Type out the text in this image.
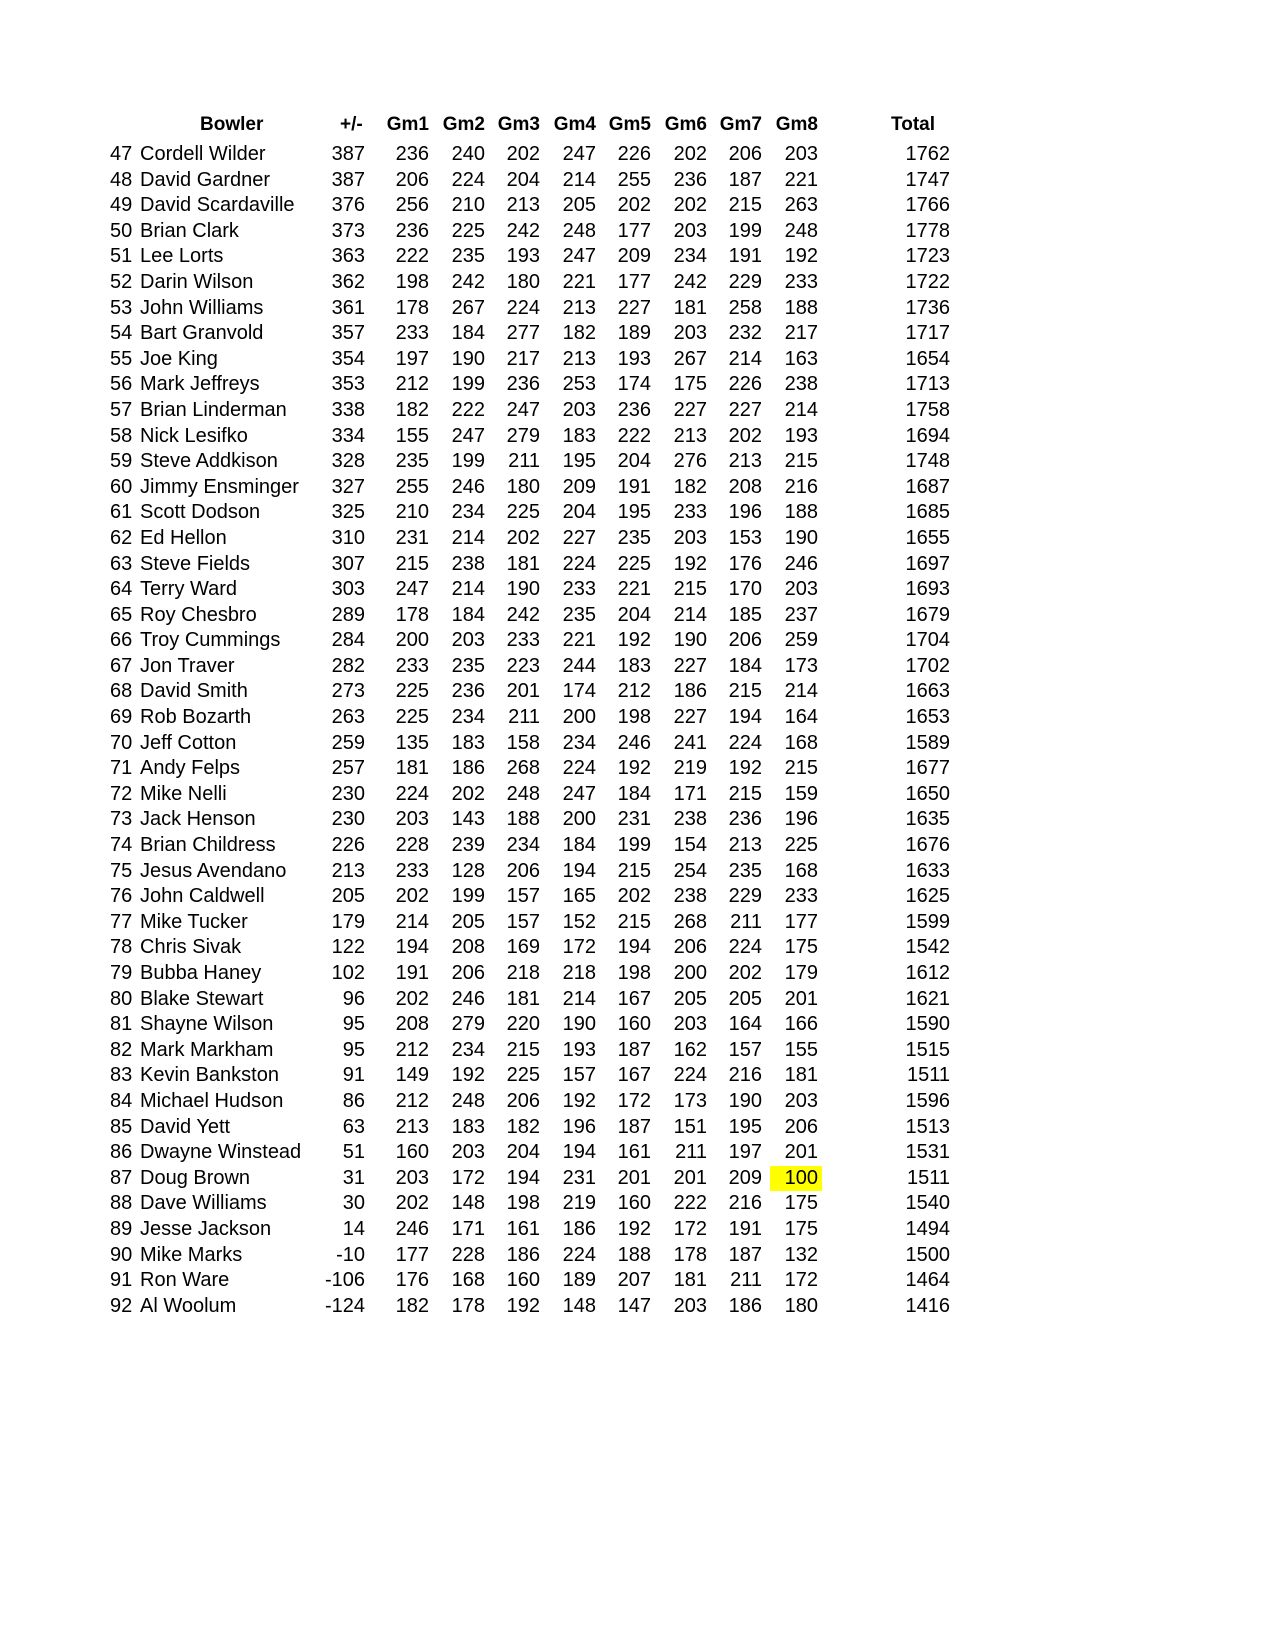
Bowler	+/- Gm1 Gm2 Gm3 Gm4 Gm5 Gm6 Gm7 Gm8	Total
47 Cordell Wilder	387	236	240	202	247	226	202	206	203	1762
48 David Gardner	387	206	224	204	214	255	236	187	221	1747
49 David Scardaville	376	256	210	213	205	202	202	215	263	1766
50 Brian Clark	373	236	225	242	248	177	203	199	248	1778
51 Lee Lorts	363	222	235	193	247	209	234	191	192	1723
52 Darin Wilson	362	198	242	180	221	177	242	229	233	1722
53 John Williams	361	178	267	224	213	227	181	258	188	1736
54 Bart Granvold	357	233	184	277	182	189	203	232	217	1717
55 Joe King	354	197	190	217	213	193	267	214	163	1654
56 Mark Jeffreys	353	212	199	236	253	174	175	226	238	1713
57 Brian Linderman	338	182	222	247	203	236	227	227	214	1758
58 Nick Lesifko	334	155	247	279	183	222	213	202	193	1694
59 Steve Addkison	328	235	199	211	195	204	276	213	215	1748
60 Jimmy Ensminger	327	255	246	180	209	191	182	208	216	1687
61 Scott Dodson	325	210	234	225	204	195	233	196	188	1685
62 Ed Hellon	310	231	214	202	227	235	203	153	190	1655
63 Steve Fields	307	215	238	181	224	225	192	176	246	1697
64 Terry Ward	303	247	214	190	233	221	215	170	203	1693
65 Roy Chesbro	289	178	184	242	235	204	214	185	237	1679
66 Troy Cummings	284	200	203	233	221	192	190	206	259	1704
67 Jon Traver	282	233	235	223	244	183	227	184	173	1702
68 David Smith	273	225	236	201	174	212	186	215	214	1663
69 Rob Bozarth	263	225	234	211	200	198	227	194	164	1653
70 Jeff Cotton	259	135	183	158	234	246	241	224	168	1589
71 Andy Felps	257	181	186	268	224	192	219	192	215	1677
72 Mike Nelli	230	224	202	248	247	184	171	215	159	1650
73 Jack Henson	230	203	143	188	200	231	238	236	196	1635
74 Brian Childress	226	228	239	234	184	199	154	213	225	1676
75 Jesus Avendano	213	233	128	206	194	215	254	235	168	1633
76 John Caldwell	205	202	199	157	165	202	238	229	233	1625
77 Mike Tucker	179	214	205	157	152	215	268	211	177	1599
78 Chris Sivak	122	194	208	169	172	194	206	224	175	1542
79 Bubba Haney	102	191	206	218	218	198	200	202	179	1612
80 Blake Stewart	96	202	246	181	214	167	205	205	201	1621
81 Shayne Wilson	95	208	279	220	190	160	203	164	166	1590
82 Mark Markham	95	212	234	215	193	187	162	157	155	1515
83 Kevin Bankston	91	149	192	225	157	167	224	216	181	1511
84 Michael Hudson	86	212	248	206	192	172	173	190	203	1596
85 David Yett	63	213	183	182	196	187	151	195	206	1513
86 Dwayne Winstead	51	160	203	204	194	161	211	197	201	1531
87 Doug Brown	31	203	172	194	231	201	201	209	100	1511
88 Dave Williams	30	202	148	198	219	160	222	216	175	1540
89 Jesse Jackson	14	246	171	161	186	192	172	191	175	1494
90 Mike Marks	-10	177	228	186	224	188	178	187	132	1500
91 Ron Ware	-106	176	168	160	189	207	181	211	172	1464
92 Al Woolum	-124	182	178	192	148	147	203	186	180	1416
